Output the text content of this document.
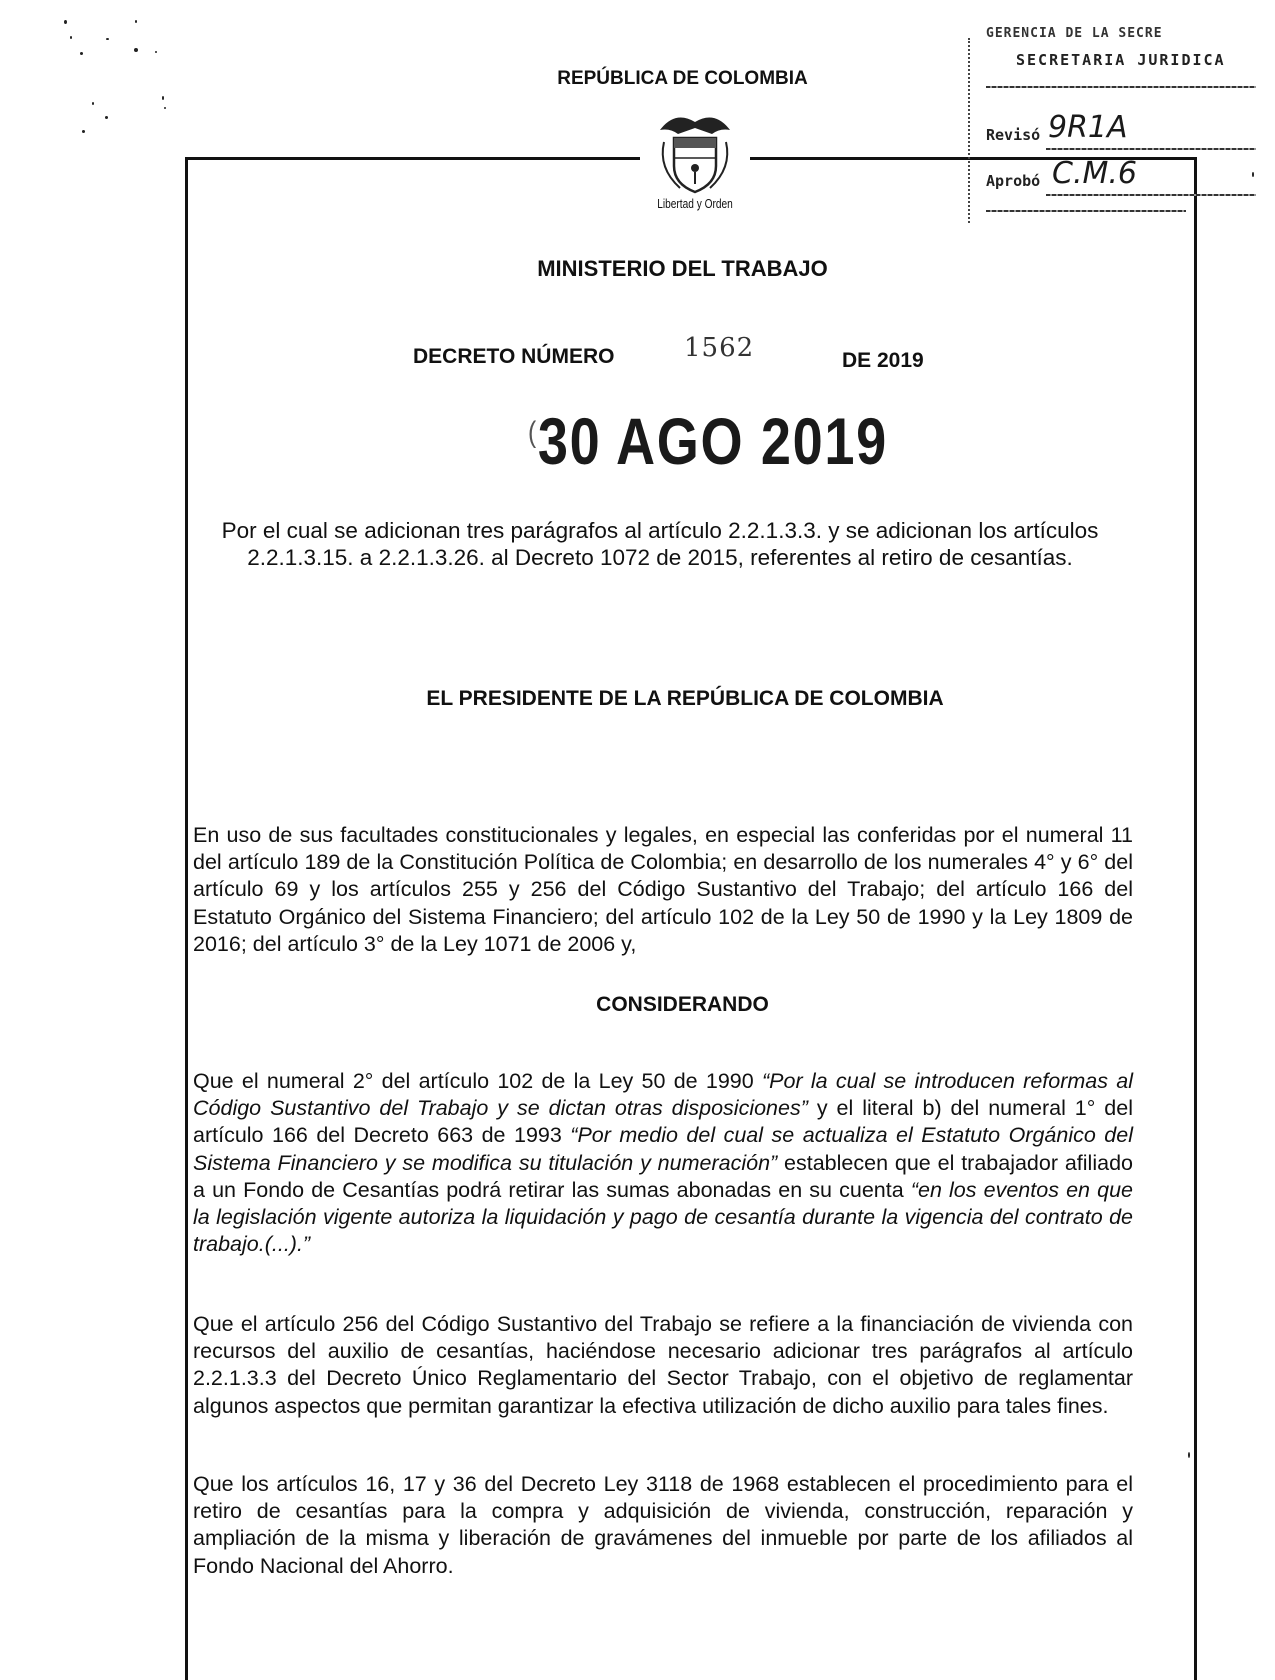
REPÚBLICA DE COLOMBIA
Libertad y Orden
MINISTERIO DEL TRABAJO
GERENCIA DE LA SECRE
SECRETARIA JURIDICA
Revisó 9R1A
Aprobó C.M.6
DECRETO NÚMERO	1562	DE 2019
(30 AGO 2019
Por el cual se adicionan tres parágrafos al artículo 2.2.1.3.3. y se adicionan los artículos 2.2.1.3.15. a 2.2.1.3.26. al Decreto 1072 de 2015, referentes al retiro de cesantías.
EL PRESIDENTE DE LA REPÚBLICA DE COLOMBIA
En uso de sus facultades constitucionales y legales, en especial las conferidas por el numeral 11 del artículo 189 de la Constitución Política de Colombia; en desarrollo de los numerales 4° y 6° del artículo 69 y los artículos 255 y 256 del Código Sustantivo del Trabajo; del artículo 166 del Estatuto Orgánico del Sistema Financiero; del artículo 102 de la Ley 50 de 1990 y la Ley 1809 de 2016; del artículo 3° de la Ley 1071 de 2006 y,
CONSIDERANDO
Que el numeral 2° del artículo 102 de la Ley 50 de 1990 “Por la cual se introducen reformas al Código Sustantivo del Trabajo y se dictan otras disposiciones” y el literal b) del numeral 1° del artículo 166 del Decreto 663 de 1993 “Por medio del cual se actualiza el Estatuto Orgánico del Sistema Financiero y se modifica su titulación y numeración” establecen que el trabajador afiliado a un Fondo de Cesantías podrá retirar las sumas abonadas en su cuenta “en los eventos en que la legislación vigente autoriza la liquidación y pago de cesantía durante la vigencia del contrato de trabajo.(...).”
Que el artículo 256 del Código Sustantivo del Trabajo se refiere a la financiación de vivienda con recursos del auxilio de cesantías, haciéndose necesario adicionar tres parágrafos al artículo 2.2.1.3.3 del Decreto Único Reglamentario del Sector Trabajo, con el objetivo de reglamentar algunos aspectos que permitan garantizar la efectiva utilización de dicho auxilio para tales fines.
Que los artículos 16, 17 y 36 del Decreto Ley 3118 de 1968 establecen el procedimiento para el retiro de cesantías para la compra y adquisición de vivienda, construcción, reparación y ampliación de la misma y liberación de gravámenes del inmueble por parte de los afiliados al Fondo Nacional del Ahorro.
